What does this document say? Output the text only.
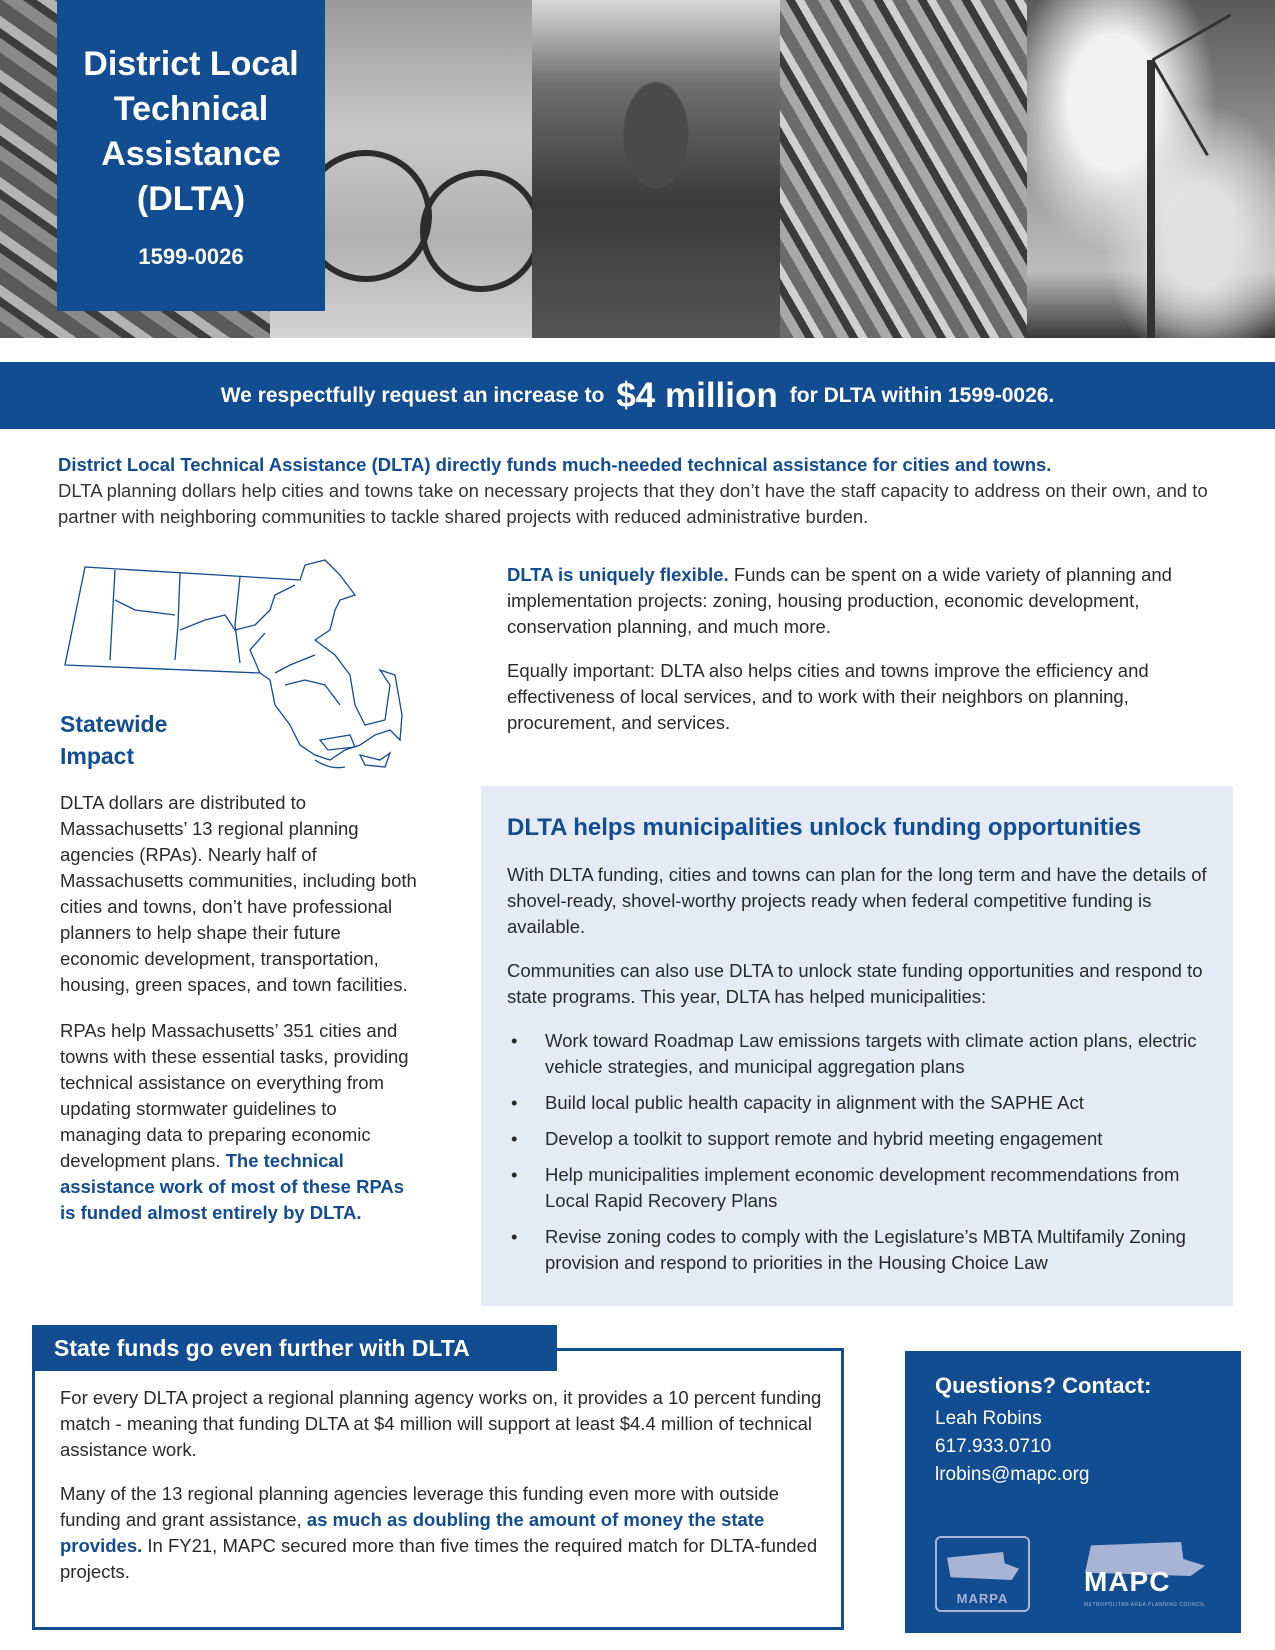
District Local
Technical
Assistance
(DLTA)
1599-0026
We respectfully request an increase to $4 million for DLTA within 1599-0026.
District Local Technical Assistance (DLTA) directly funds much-needed technical assistance for cities and towns.
DLTA planning dollars help cities and towns take on necessary projects that they don’t have the staff capacity to address on their own, and to partner with neighboring communities to tackle shared projects with reduced administrative burden.
Statewide
Impact

DLTA dollars are distributed to Massachusetts’ 13 regional planning agencies (RPAs). Nearly half of Massachusetts communities, including both cities and towns, don’t have professional planners to help shape their future economic development, transportation, housing, green spaces, and town facilities.

RPAs help Massachusetts’ 351 cities and towns with these essential tasks, providing technical assistance on everything from updating stormwater guidelines to managing data to preparing economic development plans. The technical assistance work of most of these RPAs is funded almost entirely by DLTA.

DLTA is uniquely flexible. Funds can be spent on a wide variety of planning and implementation projects: zoning, housing production, economic development, conservation planning, and much more.

Equally important: DLTA also helps cities and towns improve the efficiency and effectiveness of local services, and to work with their neighbors on planning, procurement, and services.

DLTA helps municipalities unlock funding opportunities

With DLTA funding, cities and towns can plan for the long term and have the details of shovel-ready, shovel-worthy projects ready when federal competitive funding is available.

Communities can also use DLTA to unlock state funding opportunities and respond to state programs. This year, DLTA has helped municipalities:

• Work toward Roadmap Law emissions targets with climate action plans, electric vehicle strategies, and municipal aggregation plans
• Build local public health capacity in alignment with the SAPHE Act
• Develop a toolkit to support remote and hybrid meeting engagement
• Help municipalities implement economic development recommendations from Local Rapid Recovery Plans
• Revise zoning codes to comply with the Legislature’s MBTA Multifamily Zoning provision and respond to priorities in the Housing Choice Law
State funds go even further with DLTA

For every DLTA project a regional planning agency works on, it provides a 10 percent funding match - meaning that funding DLTA at $4 million will support at least $4.4 million of technical assistance work.

Many of the 13 regional planning agencies leverage this funding even more with outside funding and grant assistance, as much as doubling the amount of money the state provides. In FY21, MAPC secured more than five times the required match for DLTA-funded projects.

Questions? Contact:
Leah Robins
617.933.0710
lrobins@mapc.org
MARPA
MAPC
METROPOLITAN AREA PLANNING COUNCIL
